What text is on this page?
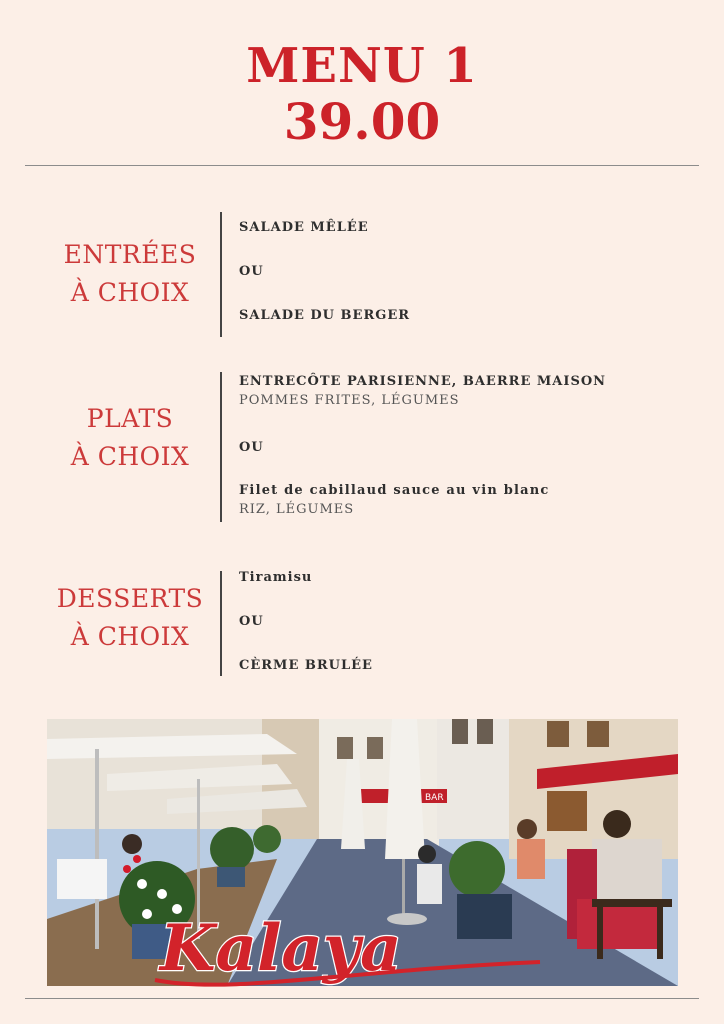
MENU 1
39.00
ENTRÉES
À CHOIX
SALADE MÊLÉE
OU
SALADE DU BERGER
PLATS
À CHOIX
ENTRECÔTE PARISIENNE, BAERRE MAISON
POMMES FRITES, LÉGUMES
OU
Filet de cabillaud sauce au vin blanc
RIZ, LÉGUMES
DESSERTS
À CHOIX
Tiramisu
OU
CÈRME BRULÉE
BAR
Kalaya
